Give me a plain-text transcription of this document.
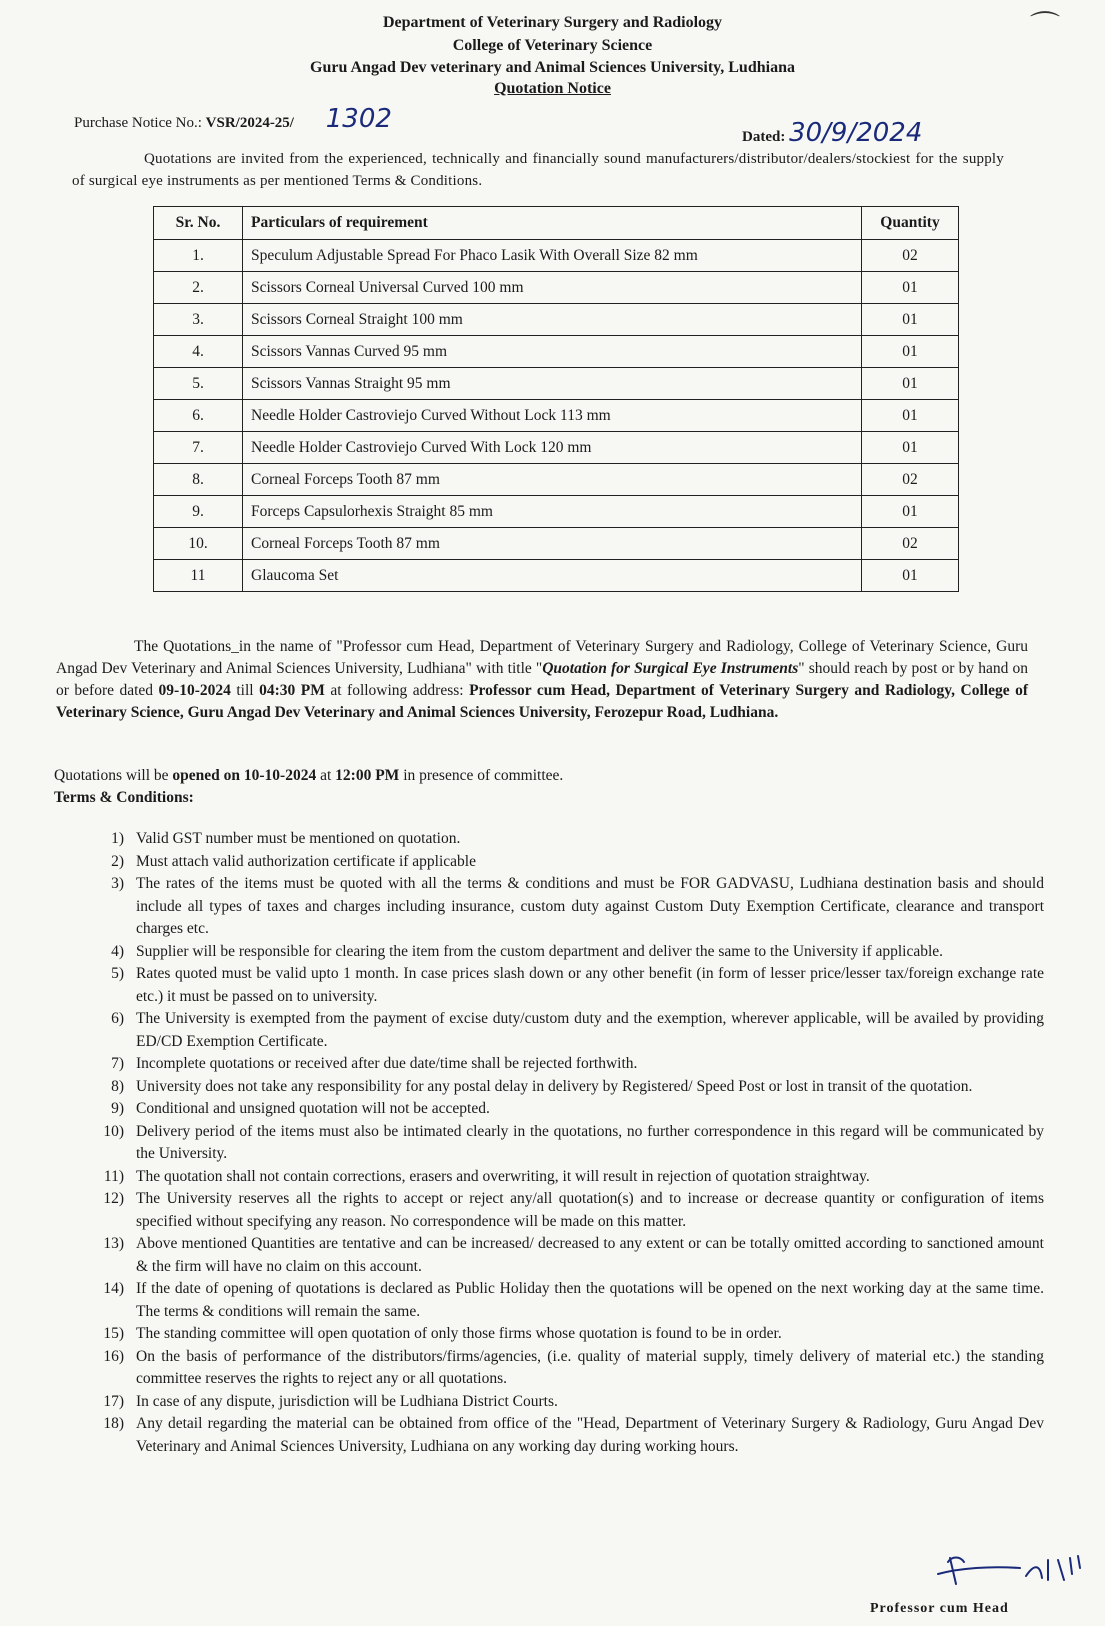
⌒
Department of Veterinary Surgery and Radiology
College of Veterinary Science
Guru Angad Dev veterinary and Animal Sciences University, Ludhiana
Quotation Notice
Purchase Notice No.: VSR/2024-25/ 1302
Dated: 30/9/2024
Quotations are invited from the experienced, technically and financially sound manufacturers/distributor/dealers/stockiest for the supply of surgical eye instruments as per mentioned Terms & Conditions.
Sr. No.	Particulars of requirement	Quantity
1.	Speculum Adjustable Spread For Phaco Lasik With Overall Size 82 mm	02
2.	Scissors Corneal Universal Curved 100 mm	01
3.	Scissors Corneal Straight 100 mm	01
4.	Scissors Vannas Curved 95 mm	01
5.	Scissors Vannas Straight 95 mm	01
6.	Needle Holder Castroviejo Curved Without Lock 113 mm	01
7.	Needle Holder Castroviejo Curved With Lock 120 mm	01
8.	Corneal Forceps Tooth 87 mm	02
9.	Forceps Capsulorhexis Straight 85 mm	01
10.	Corneal Forceps Tooth 87 mm	02
11	Glaucoma Set	01
The Quotations_in the name of "Professor cum Head, Department of Veterinary Surgery and Radiology, College of Veterinary Science, Guru Angad Dev Veterinary and Animal Sciences University, Ludhiana" with title "Quotation for Surgical Eye Instruments" should reach by post or by hand on or before dated 09-10-2024 till 04:30 PM at following address: Professor cum Head, Department of Veterinary Surgery and Radiology, College of Veterinary Science, Guru Angad Dev Veterinary and Animal Sciences University, Ferozepur Road, Ludhiana.
Quotations will be opened on 10-10-2024 at 12:00 PM in presence of committee.
Terms & Conditions:
1) Valid GST number must be mentioned on quotation.
2) Must attach valid authorization certificate if applicable
3) The rates of the items must be quoted with all the terms & conditions and must be FOR GADVASU, Ludhiana destination basis and should include all types of taxes and charges including insurance, custom duty against Custom Duty Exemption Certificate, clearance and transport charges etc.
4) Supplier will be responsible for clearing the item from the custom department and deliver the same to the University if applicable.
5) Rates quoted must be valid upto 1 month. In case prices slash down or any other benefit (in form of lesser price/lesser tax/foreign exchange rate etc.) it must be passed on to university.
6) The University is exempted from the payment of excise duty/custom duty and the exemption, wherever applicable, will be availed by providing ED/CD Exemption Certificate.
7) Incomplete quotations or received after due date/time shall be rejected forthwith.
8) University does not take any responsibility for any postal delay in delivery by Registered/ Speed Post or lost in transit of the quotation.
9) Conditional and unsigned quotation will not be accepted.
10) Delivery period of the items must also be intimated clearly in the quotations, no further correspondence in this regard will be communicated by the University.
11) The quotation shall not contain corrections, erasers and overwriting, it will result in rejection of quotation straightway.
12) The University reserves all the rights to accept or reject any/all quotation(s) and to increase or decrease quantity or configuration of items specified without specifying any reason. No correspondence will be made on this matter.
13) Above mentioned Quantities are tentative and can be increased/ decreased to any extent or can be totally omitted according to sanctioned amount & the firm will have no claim on this account.
14) If the date of opening of quotations is declared as Public Holiday then the quotations will be opened on the next working day at the same time. The terms & conditions will remain the same.
15) The standing committee will open quotation of only those firms whose quotation is found to be in order.
16) On the basis of performance of the distributors/firms/agencies, (i.e. quality of material supply, timely delivery of material etc.) the standing committee reserves the rights to reject any or all quotations.
17) In case of any dispute, jurisdiction will be Ludhiana District Courts.
18) Any detail regarding the material can be obtained from office of the "Head, Department of Veterinary Surgery & Radiology, Guru Angad Dev Veterinary and Animal Sciences University, Ludhiana on any working day during working hours.
Professor cum Head
